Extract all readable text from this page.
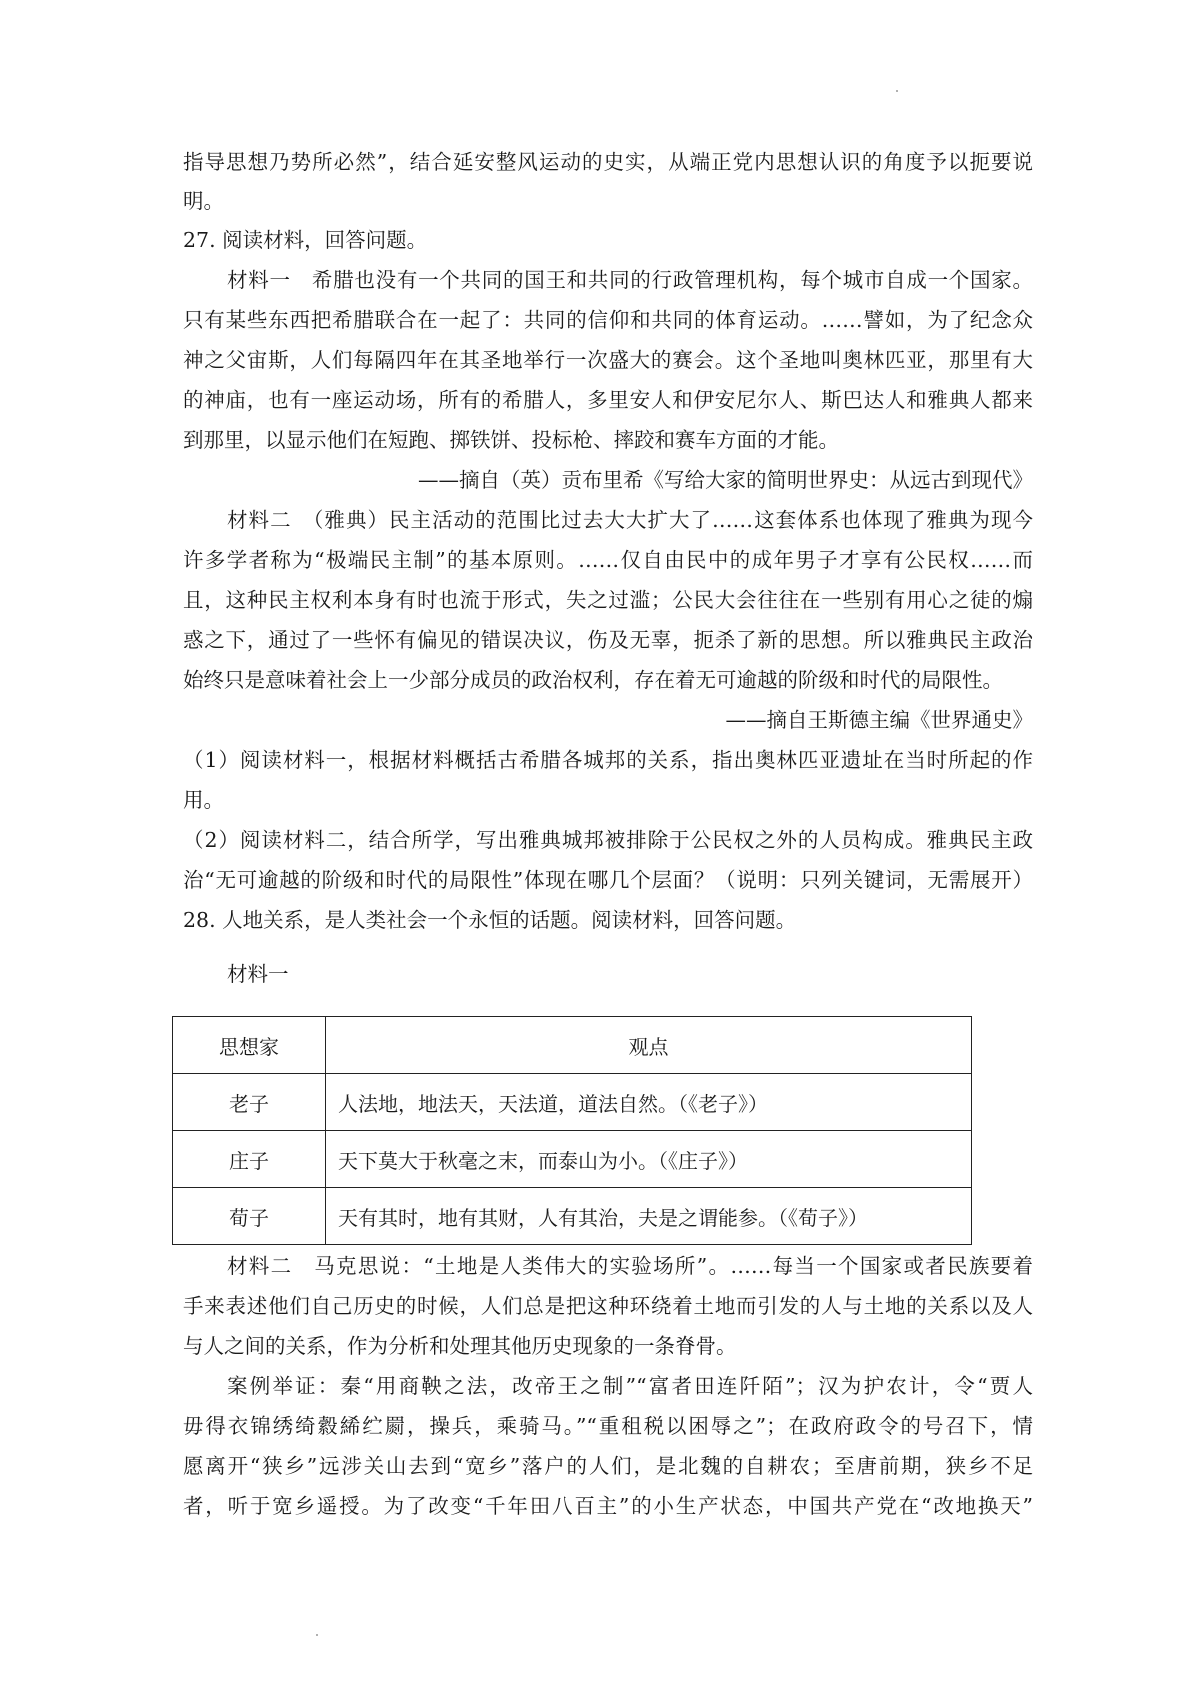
指导思想乃势所必然”，结合延安整风运动的史实，从端正党内思想认识的角度予以扼要说
明。
27. 阅读材料，回答问题。
材料一　希腊也没有一个共同的国王和共同的行政管理机构，每个城市自成一个国家。
只有某些东西把希腊联合在一起了：共同的信仰和共同的体育运动。……譬如，为了纪念众
神之父宙斯，人们每隔四年在其圣地举行一次盛大的赛会。这个圣地叫奥林匹亚，那里有大
的神庙，也有一座运动场，所有的希腊人，多里安人和伊安尼尔人、斯巴达人和雅典人都来
到那里，以显示他们在短跑、掷铁饼、投标枪、摔跤和赛车方面的才能。
——摘自（英）贡布里希《写给大家的简明世界史：从远古到现代》
材料二　（雅典）民主活动的范围比过去大大扩大了……这套体系也体现了雅典为现今
许多学者称为“极端民主制”的基本原则。……仅自由民中的成年男子才享有公民权……而
且，这种民主权利本身有时也流于形式，失之过滥；公民大会往往在一些别有用心之徒的煽
惑之下，通过了一些怀有偏见的错误决议，伤及无辜，扼杀了新的思想。所以雅典民主政治
始终只是意味着社会上一少部分成员的政治权利，存在着无可逾越的阶级和时代的局限性。
——摘自王斯德主编《世界通史》
（1）阅读材料一，根据材料概括古希腊各城邦的关系，指出奥林匹亚遗址在当时所起的作
用。
（2）阅读材料二，结合所学，写出雅典城邦被排除于公民权之外的人员构成。雅典民主政
治“无可逾越的阶级和时代的局限性”体现在哪几个层面？（说明：只列关键词，无需展开）
28. 人地关系，是人类社会一个永恒的话题。阅读材料，回答问题。
材料一
思想家	观点
老子	人法地，地法天，天法道，道法自然。（《老子》）
庄子	天下莫大于秋毫之末，而泰山为小。（《庄子》）
荀子	天有其时，地有其财，人有其治，夫是之谓能参。（《荀子》）
材料二　马克思说：“土地是人类伟大的实验场所”。……每当一个国家或者民族要着
手来表述他们自己历史的时候，人们总是把这种环绕着土地而引发的人与土地的关系以及人
与人之间的关系，作为分析和处理其他历史现象的一条脊骨。
案例举证：秦“用商鞅之法，改帝王之制”“富者田连阡陌”；汉为护农计，令“贾人
毋得衣锦绣绮縠絺纻罽，操兵，乘骑马。”“重租税以困辱之”；在政府政令的号召下，情
愿离开“狭乡”远涉关山去到“宽乡”落户的人们，是北魏的自耕农；至唐前期，狭乡不足
者，听于宽乡遥授。为了改变“千年田八百主”的小生产状态，中国共产党在“改地换天”
